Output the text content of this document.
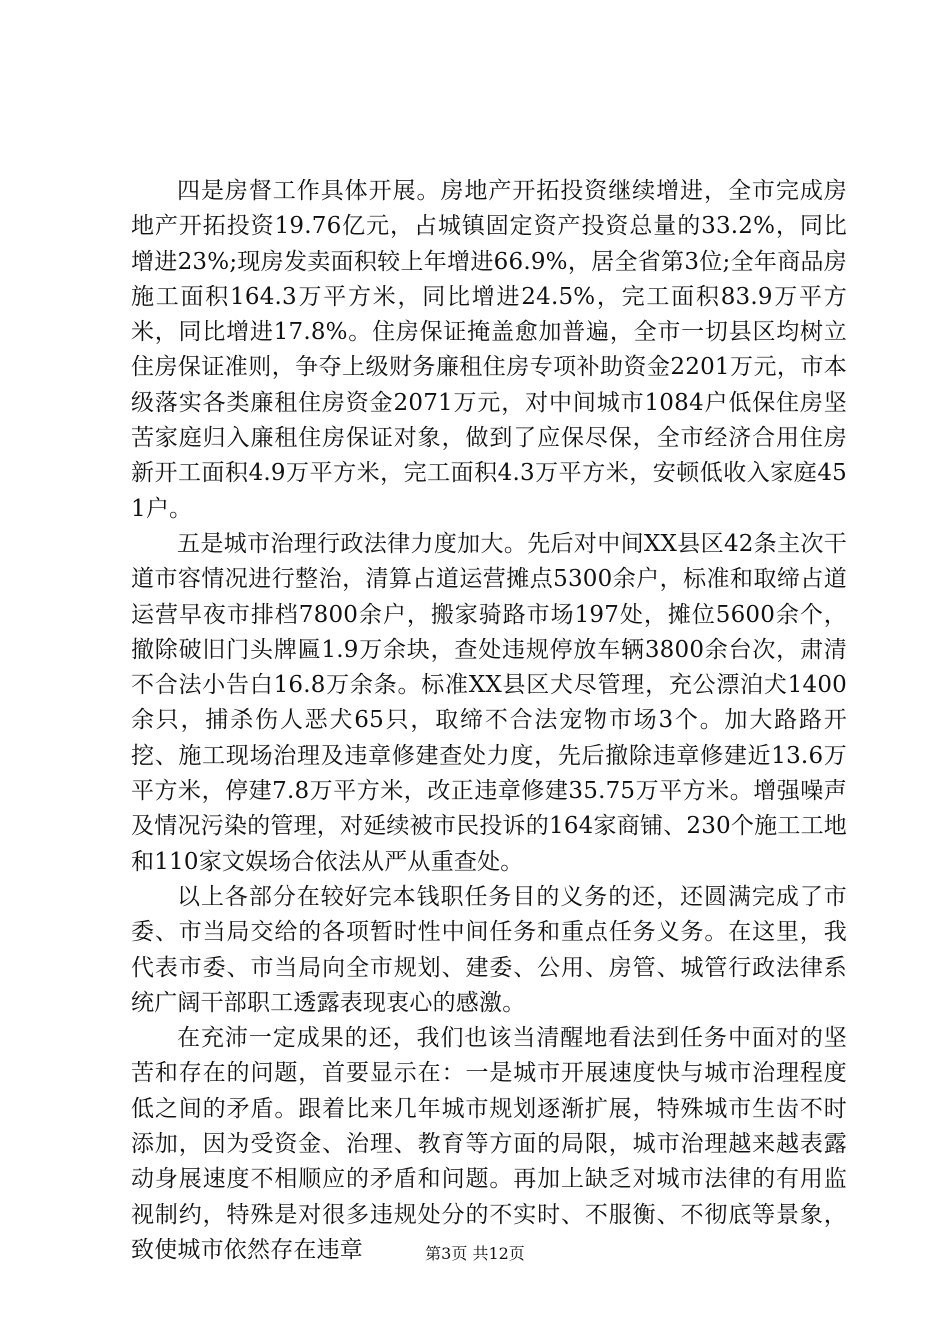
四是房督工作具体开展。房地产开拓投资继续增进，全市完成房地产开拓投资19.76亿元，占城镇固定资产投资总量的33.2%，同比增进23%;现房发卖面积较上年增进66.9%，居全省第3位;全年商品房施工面积164.3万平方米，同比增进24.5%，完工面积83.9万平方米，同比增进17.8%。住房保证掩盖愈加普遍，全市一切县区均树立住房保证准则，争夺上级财务廉租住房专项补助资金2201万元，市本级落实各类廉租住房资金2071万元，对中间城市1084户低保住房坚苦家庭归入廉租住房保证对象，做到了应保尽保，全市经济合用住房新开工面积4.9万平方米，完工面积4.3万平方米，安顿低收入家庭451户。

五是城市治理行政法律力度加大。先后对中间XX县区42条主次干道市容情况进行整治，清算占道运营摊点5300余户，标准和取缔占道运营早夜市排档7800余户，搬家骑路市场197处，摊位5600余个，撤除破旧门头牌匾1.9万余块，查处违规停放车辆3800余台次，肃清不合法小告白16.8万余条。标准XX县区犬尽管理，充公漂泊犬1400余只，捕杀伤人恶犬65只，取缔不合法宠物市场3个。加大路路开挖、施工现场治理及违章修建查处力度，先后撤除违章修建近13.6万平方米，停建7.8万平方米，改正违章修建35.75万平方米。增强噪声及情况污染的管理，对延续被市民投诉的164家商铺、230个施工工地和110家文娱场合依法从严从重查处。

以上各部分在较好完本钱职任务目的义务的还，还圆满完成了市委、市当局交给的各项暂时性中间任务和重点任务义务。在这里，我代表市委、市当局向全市规划、建委、公用、房管、城管行政法律系统广阔干部职工透露表现衷心的感激。

在充沛一定成果的还，我们也该当清醒地看法到任务中面对的坚苦和存在的问题，首要显示在：一是城市开展速度快与城市治理程度低之间的矛盾。跟着比来几年城市规划逐渐扩展，特殊城市生齿不时添加，因为受资金、治理、教育等方面的局限，城市治理越来越表露动身展速度不相顺应的矛盾和问题。再加上缺乏对城市法律的有用监视制约，特殊是对很多违规处分的不实时、不服衡、不彻底等景象，致使城市依然存在违章	第3页 共12页
